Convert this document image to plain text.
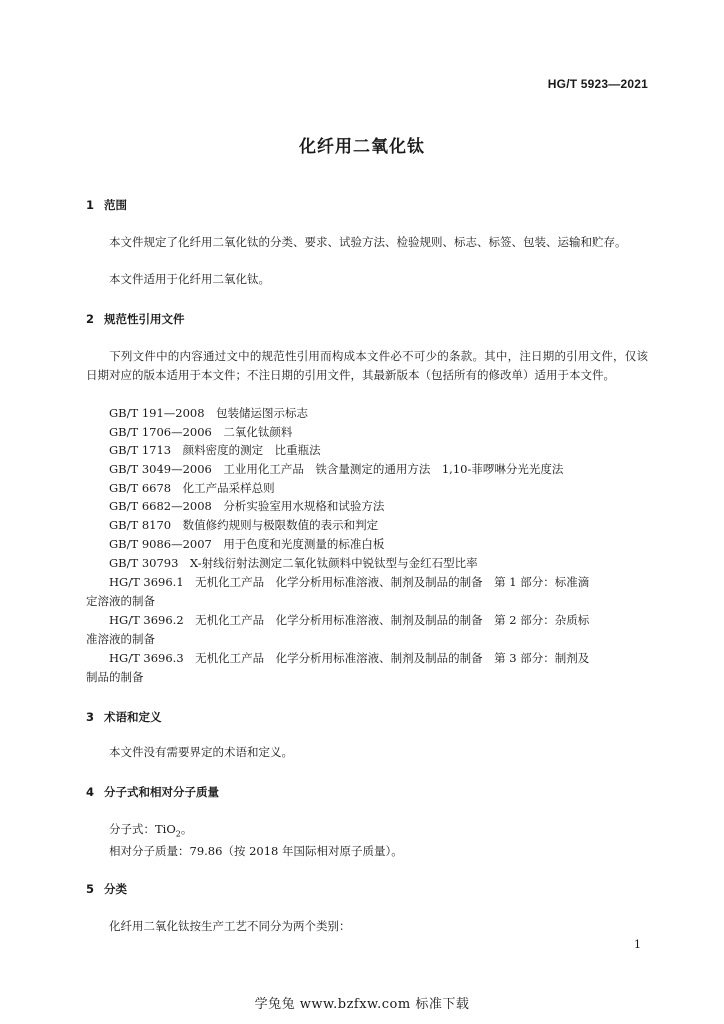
HG/T 5923—2021
化纤用二氧化钛
1 范围
本文件规定了化纤用二氧化钛的分类、要求、试验方法、检验规则、标志、标签、包装、运输和贮存。
本文件适用于化纤用二氧化钛。
2 规范性引用文件
下列文件中的内容通过文中的规范性引用而构成本文件必不可少的条款。其中，注日期的引用文件，仅该日期对应的版本适用于本文件；不注日期的引用文件，其最新版本（包括所有的修改单）适用于本文件。
GB/T 191—2008　包装储运图示标志
GB/T 1706—2006　二氧化钛颜料
GB/T 1713　颜料密度的测定　比重瓶法
GB/T 3049—2006　工业用化工产品　铁含量测定的通用方法　1,10-菲啰啉分光光度法
GB/T 6678　化工产品采样总则
GB/T 6682—2008　分析实验室用水规格和试验方法
GB/T 8170　数值修约规则与极限数值的表示和判定
GB/T 9086—2007　用于色度和光度测量的标准白板
GB/T 30793　X-射线衍射法测定二氧化钛颜料中锐钛型与金红石型比率
HG/T 3696.1　无机化工产品　化学分析用标准溶液、制剂及制品的制备　第 1 部分：标准滴
定溶液的制备
HG/T 3696.2　无机化工产品　化学分析用标准溶液、制剂及制品的制备　第 2 部分：杂质标
准溶液的制备
HG/T 3696.3　无机化工产品　化学分析用标准溶液、制剂及制品的制备　第 3 部分：制剂及
制品的制备
3 术语和定义
本文件没有需要界定的术语和定义。
4 分子式和相对分子质量
分子式：TiO$_2$。
相对分子质量：79.86（按 2018 年国际相对原子质量）。
5 分类
化纤用二氧化钛按生产工艺不同分为两个类别：
1
学兔兔 www.bzfxw.com 标准下载
